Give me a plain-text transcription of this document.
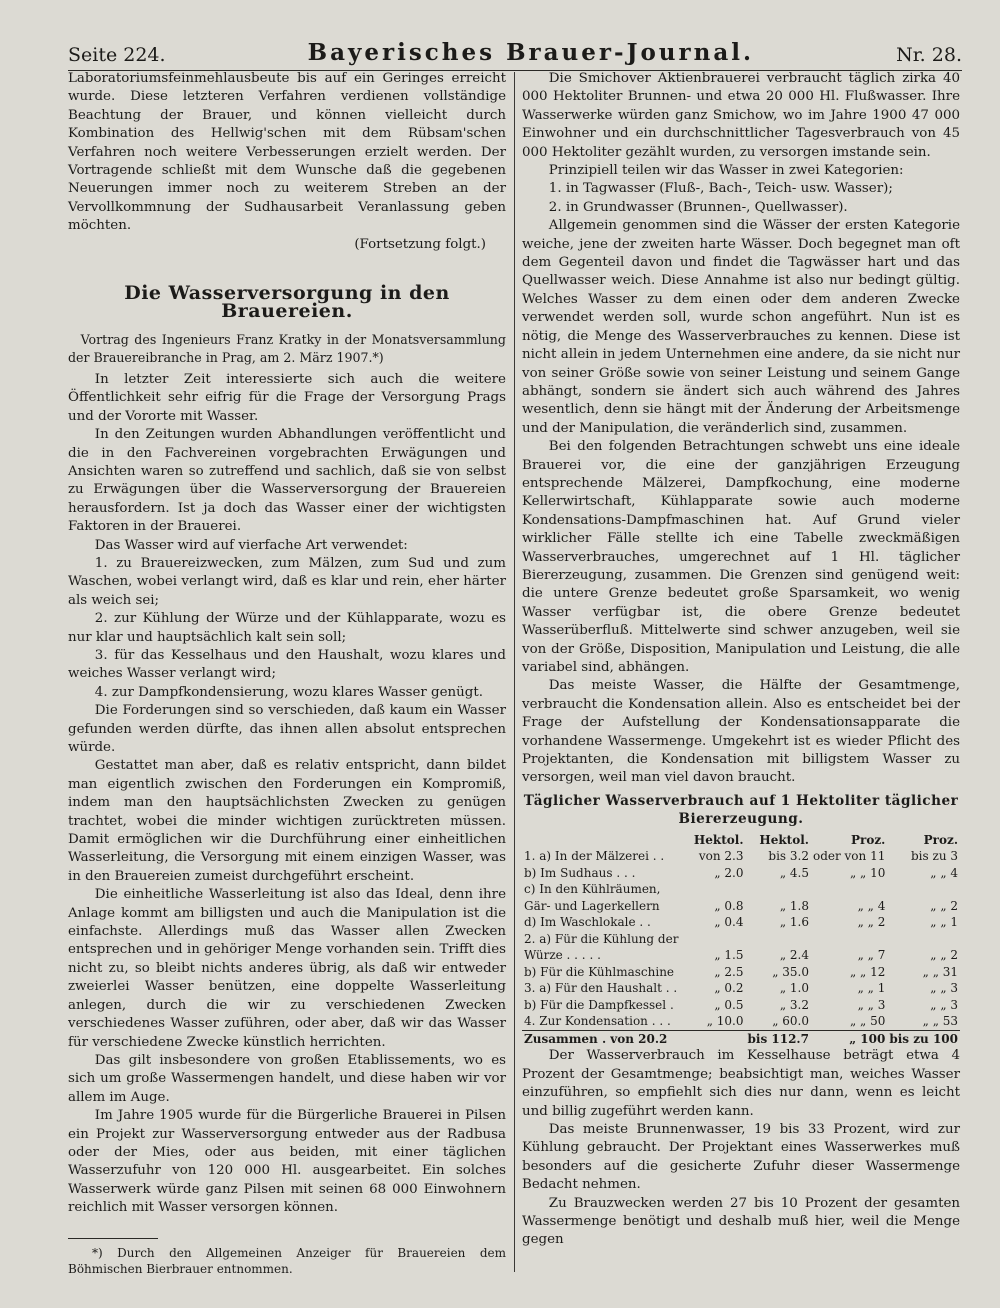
Seite 224.	Bayerisches Brauer-Journal.	Nr. 28.

Laboratoriumsfeinmehlausbeute bis auf ein Geringes erreicht wurde. Diese letzteren Verfahren verdienen vollständige Beachtung der Brauer, und können vielleicht durch Kombination des Hellwig'schen mit dem Rübsam'schen Verfahren noch weitere Verbesserungen erzielt werden. Der Vortragende schließt mit dem Wunsche daß die gegebenen Neuerungen immer noch zu weiterem Streben an der Vervollkommnung der Sudhausarbeit Veranlassung geben möchten.

(Fortsetzung folgt.)

Die Wasserversorgung in den Brauereien.

Vortrag des Ingenieurs Franz Kratky in der Monatsversammlung der Brauereibranche in Prag, am 2. März 1907.*)

In letzter Zeit interessierte sich auch die weitere Öffentlichkeit sehr eifrig für die Frage der Versorgung Prags und der Vororte mit Wasser.

In den Zeitungen wurden Abhandlungen veröffentlicht und die in den Fachvereinen vorgebrachten Erwägungen und Ansichten waren so zutreffend und sachlich, daß sie von selbst zu Erwägungen über die Wasserversorgung der Brauereien herausfordern. Ist ja doch das Wasser einer der wichtigsten Faktoren in der Brauerei.

Das Wasser wird auf vierfache Art verwendet:

1. zu Brauereizwecken, zum Mälzen, zum Sud und zum Waschen, wobei verlangt wird, daß es klar und rein, eher härter als weich sei;

2. zur Kühlung der Würze und der Kühlapparate, wozu es nur klar und hauptsächlich kalt sein soll;

3. für das Kesselhaus und den Haushalt, wozu klares und weiches Wasser verlangt wird;

4. zur Dampfkondensierung, wozu klares Wasser genügt.

Die Forderungen sind so verschieden, daß kaum ein Wasser gefunden werden dürfte, das ihnen allen absolut entsprechen würde.

Gestattet man aber, daß es relativ entspricht, dann bildet man eigentlich zwischen den Forderungen ein Kompromiß, indem man den hauptsächlichsten Zwecken zu genügen trachtet, wobei die minder wichtigen zurücktreten müssen. Damit ermöglichen wir die Durchführung einer einheitlichen Wasserleitung, die Versorgung mit einem einzigen Wasser, was in den Brauereien zumeist durchgeführt erscheint.

Die einheitliche Wasserleitung ist also das Ideal, denn ihre Anlage kommt am billigsten und auch die Manipulation ist die einfachste. Allerdings muß das Wasser allen Zwecken entsprechen und in gehöriger Menge vorhanden sein. Trifft dies nicht zu, so bleibt nichts anderes übrig, als daß wir entweder zweierlei Wasser benützen, eine doppelte Wasserleitung anlegen, durch die wir zu verschiedenen Zwecken verschiedenes Wasser zuführen, oder aber, daß wir das Wasser für verschiedene Zwecke künstlich herrichten.

Das gilt insbesondere von großen Etablissements, wo es sich um große Wassermengen handelt, und diese haben wir vor allem im Auge.

Im Jahre 1905 wurde für die Bürgerliche Brauerei in Pilsen ein Projekt zur Wasserversorgung entweder aus der Radbusa oder der Mies, oder aus beiden, mit einer täglichen Wasserzufuhr von 120 000 Hl. ausgearbeitet. Ein solches Wasserwerk würde ganz Pilsen mit seinen 68 000 Einwohnern reichlich mit Wasser versorgen können.

*) Durch den Allgemeinen Anzeiger für Brauereien dem Böhmischen Bierbrauer entnommen.

Die Smichover Aktienbrauerei verbraucht täglich zirka 40 000 Hektoliter Brunnen- und etwa 20 000 Hl. Flußwasser. Ihre Wasserwerke würden ganz Smichow, wo im Jahre 1900 47 000 Einwohner und ein durchschnittlicher Tagesverbrauch von 45 000 Hektoliter gezählt wurden, zu versorgen imstande sein.

Prinzipiell teilen wir das Wasser in zwei Kategorien:

1. in Tagwasser (Fluß-, Bach-, Teich- usw. Wasser);

2. in Grundwasser (Brunnen-, Quellwasser).

Allgemein genommen sind die Wässer der ersten Kategorie weiche, jene der zweiten harte Wässer. Doch begegnet man oft dem Gegenteil davon und findet die Tagwässer hart und das Quellwasser weich. Diese Annahme ist also nur bedingt gültig. Welches Wasser zu dem einen oder dem anderen Zwecke verwendet werden soll, wurde schon angeführt. Nun ist es nötig, die Menge des Wasserverbrauches zu kennen. Diese ist nicht allein in jedem Unternehmen eine andere, da sie nicht nur von seiner Größe sowie von seiner Leistung und seinem Gange abhängt, sondern sie ändert sich auch während des Jahres wesentlich, denn sie hängt mit der Änderung der Arbeitsmenge und der Manipulation, die veränderlich sind, zusammen.

Bei den folgenden Betrachtungen schwebt uns eine ideale Brauerei vor, die eine der ganzjährigen Erzeugung entsprechende Mälzerei, Dampfkochung, eine moderne Kellerwirtschaft, Kühlapparate sowie auch moderne Kondensations-Dampfmaschinen hat. Auf Grund vieler wirklicher Fälle stellte ich eine Tabelle zweckmäßigen Wasserverbrauches, umgerechnet auf 1 Hl. täglicher Biererzeugung, zusammen. Die Grenzen sind genügend weit: die untere Grenze bedeutet große Sparsamkeit, wo wenig Wasser verfügbar ist, die obere Grenze bedeutet Wasserüberfluß. Mittelwerte sind schwer anzugeben, weil sie von der Größe, Disposition, Manipulation und Leistung, die alle variabel sind, abhängen.

Das meiste Wasser, die Hälfte der Gesamtmenge, verbraucht die Kondensation allein. Also es entscheidet bei der Frage der Aufstellung der Kondensationsapparate die vorhandene Wassermenge. Umgekehrt ist es wieder Pflicht des Projektanten, die Kondensation mit billigstem Wasser zu versorgen, weil man viel davon braucht.

Täglicher Wasserverbrauch auf 1 Hektoliter täglicher Biererzeugung.
	Hektol.	Hektol.	Proz.	Proz.
1. a) In der Mälzerei . .	von 2.3	bis 3.2	oder von 11	bis zu 3
b) Im Sudhaus . . .	„ 2.0	„ 4.5	„ „ 10	„ „ 4
c) In den Kühlräumen,				
Gär- und Lagerkellern	„ 0.8	„ 1.8	„ „ 4	„ „ 2
d) Im Waschlokale . .	„ 0.4	„ 1.6	„ „ 2	„ „ 1
2. a) Für die Kühlung der				
Würze . . . . .	„ 1.5	„ 2.4	„ „ 7	„ „ 2
b) Für die Kühlmaschine	„ 2.5	„ 35.0	„ „ 12	„ „ 31
3. a) Für den Haushalt . .	„ 0.2	„ 1.0	„ „ 1	„ „ 3
b) Für die Dampfkessel .	„ 0.5	„ 3.2	„ „ 3	„ „ 3
4. Zur Kondensation . . .	„ 10.0	„ 60.0	„ „ 50	„ „ 53
Zusammen . von 20.2		bis 112.7	„ 100	bis zu 100

Der Wasserverbrauch im Kesselhause beträgt etwa 4 Prozent der Gesamtmenge; beabsichtigt man, weiches Wasser einzuführen, so empfiehlt sich dies nur dann, wenn es leicht und billig zugeführt werden kann.

Das meiste Brunnenwasser, 19 bis 33 Prozent, wird zur Kühlung gebraucht. Der Projektant eines Wasserwerkes muß besonders auf die gesicherte Zufuhr dieser Wassermenge Bedacht nehmen.

Zu Brauzwecken werden 27 bis 10 Prozent der gesamten Wassermenge benötigt und deshalb muß hier, weil die Menge gegen
